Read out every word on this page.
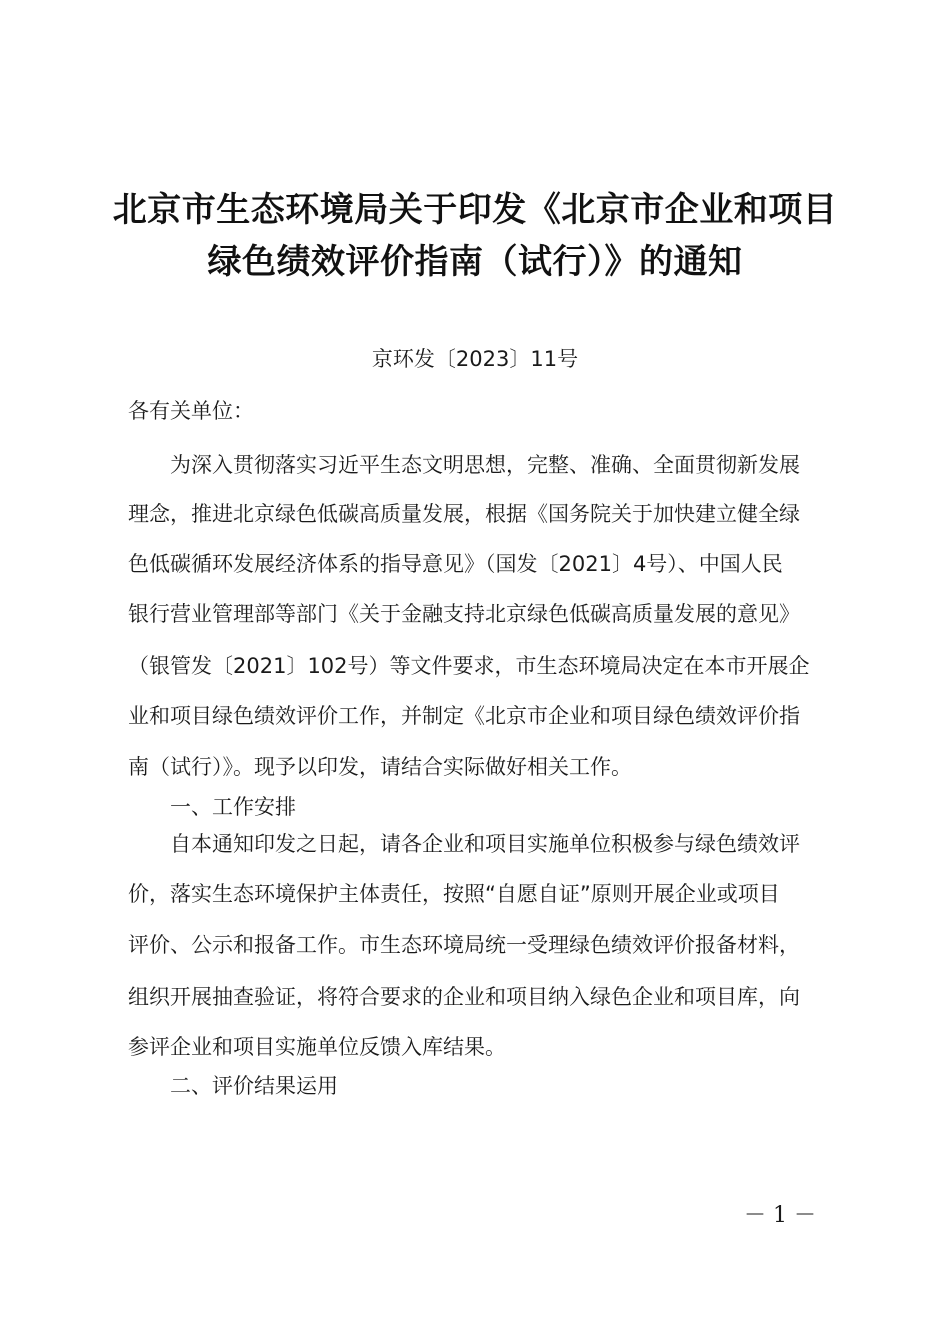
北京市生态环境局关于印发《北京市企业和项目
绿色绩效评价指南（试行）》的通知
京环发〔2023〕11号
各有关单位：
为深入贯彻落实习近平生态文明思想，完整、准确、全面贯彻新发展
理念，推进北京绿色低碳高质量发展，根据《国务院关于加快建立健全绿
色低碳循环发展经济体系的指导意见》（国发〔2021〕4号）、中国人民
银行营业管理部等部门《关于金融支持北京绿色低碳高质量发展的意见》
（银管发〔2021〕102号）等文件要求，市生态环境局决定在本市开展企
业和项目绿色绩效评价工作，并制定《北京市企业和项目绿色绩效评价指
南（试行）》。现予以印发，请结合实际做好相关工作。
一、工作安排
自本通知印发之日起，请各企业和项目实施单位积极参与绿色绩效评
价，落实生态环境保护主体责任，按照“自愿自证”原则开展企业或项目
评价、公示和报备工作。市生态环境局统一受理绿色绩效评价报备材料，
组织开展抽查验证，将符合要求的企业和项目纳入绿色企业和项目库，向
参评企业和项目实施单位反馈入库结果。
二、评价结果运用
－ 1 －
